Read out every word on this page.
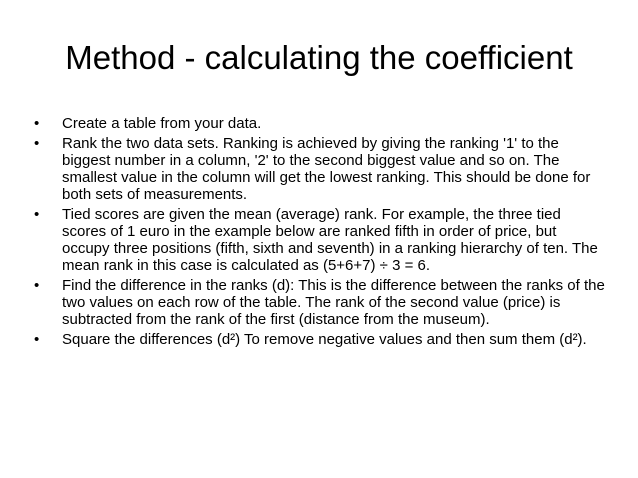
Method - calculating the coefficient
•	Create a table from your data.
•	Rank the two data sets. Ranking is achieved by giving the ranking '1' to the biggest number in a column, '2' to the second biggest value and so on. The smallest value in the column will get the lowest ranking. This should be done for both sets of measurements.
•	Tied scores are given the mean (average) rank. For example, the three tied scores of 1 euro in the example below are ranked fifth in order of price, but occupy three positions (fifth, sixth and seventh) in a ranking hierarchy of ten. The mean rank in this case is calculated as (5+6+7) ÷ 3 = 6.
•	Find the difference in the ranks (d): This is the difference between the ranks of the two values on each row of the table. The rank of the second value (price) is subtracted from the rank of the first (distance from the museum).
•	Square the differences (d²) To remove negative values and then sum them (d²).
